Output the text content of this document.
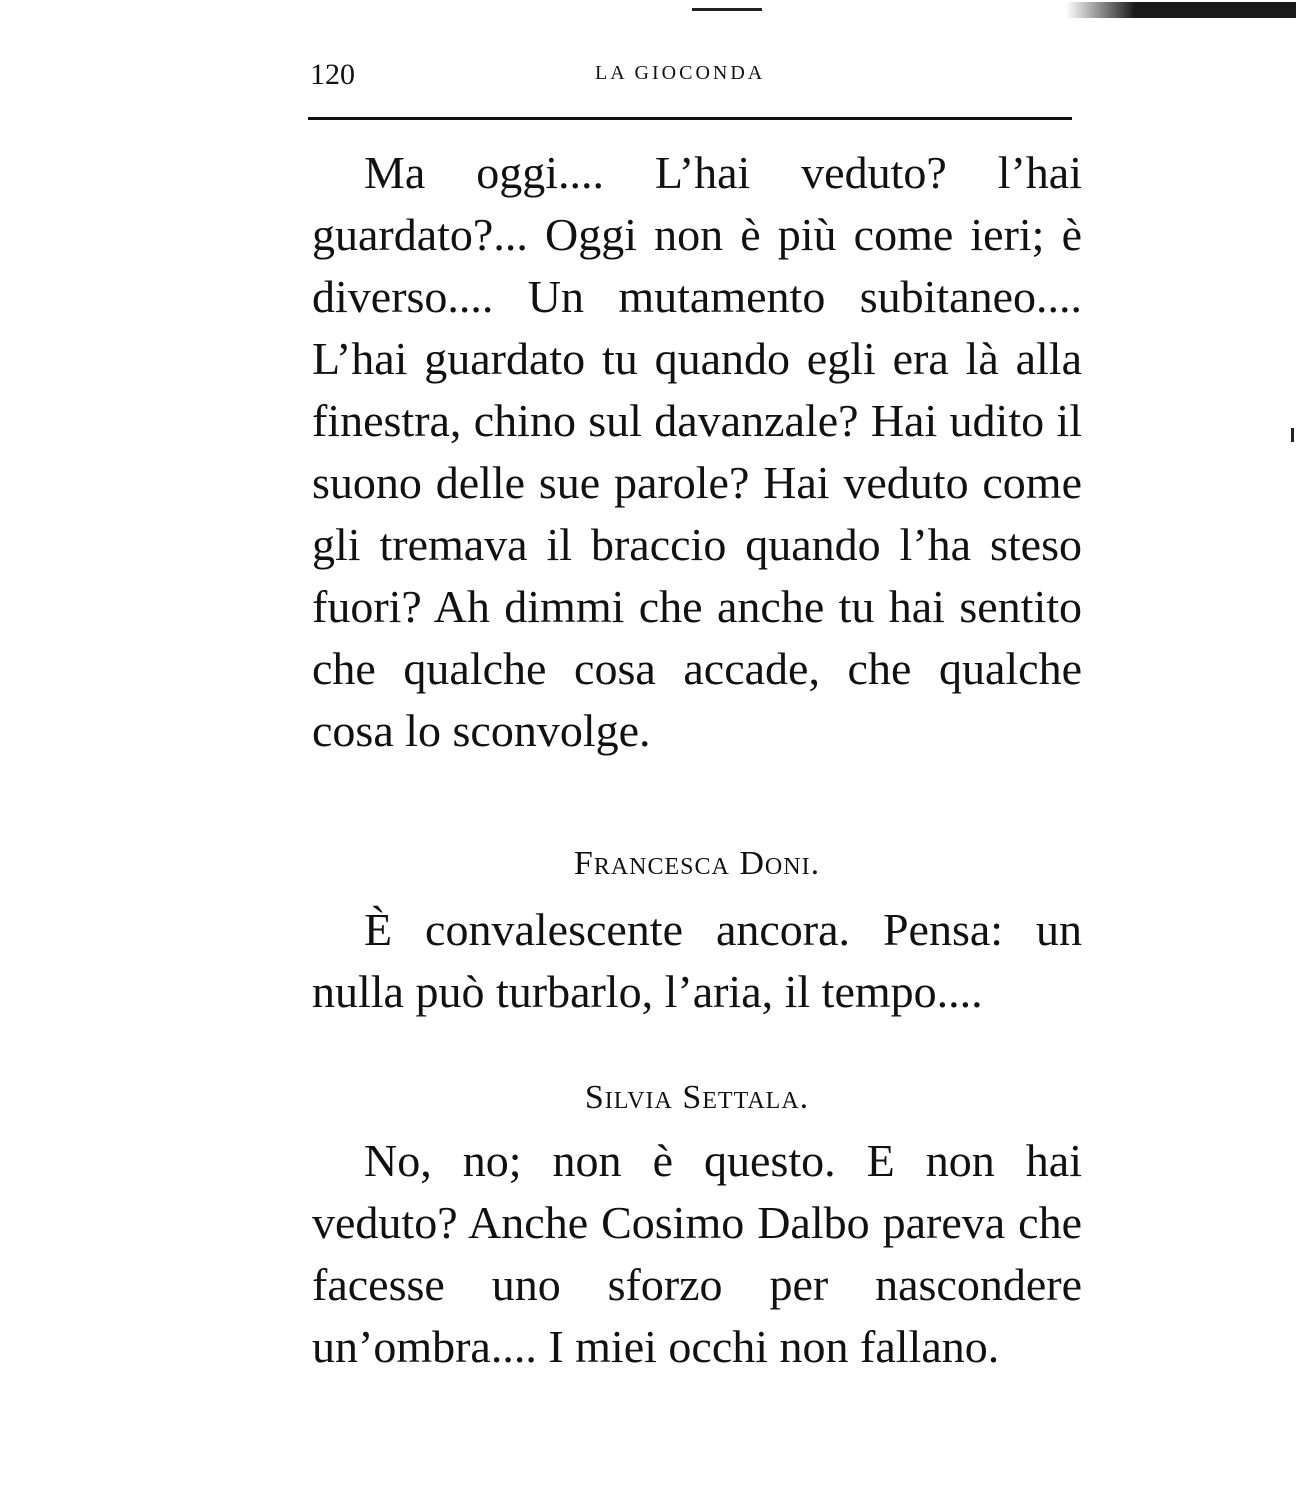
120	LA GIOCONDA

Ma oggi.... L’hai veduto? l’hai guardato?... Oggi non è più come ieri; è diverso.... Un mutamento subitaneo.... L’hai guardato tu quando egli era là alla finestra, chino sul davanzale? Hai udito il suono delle sue parole? Hai veduto come gli tremava il braccio quando l’ha steso fuori? Ah dimmi che anche tu hai sentito che qualche cosa accade, che qualche cosa lo sconvolge.

Francesca Doni.

È convalescente ancora. Pensa: un nulla può turbarlo, l’aria, il tempo....

Silvia Settala.

No, no; non è questo. E non hai veduto? Anche Cosimo Dalbo pareva che facesse uno sforzo per nascondere un’ombra.... I miei occhi non fallano.
